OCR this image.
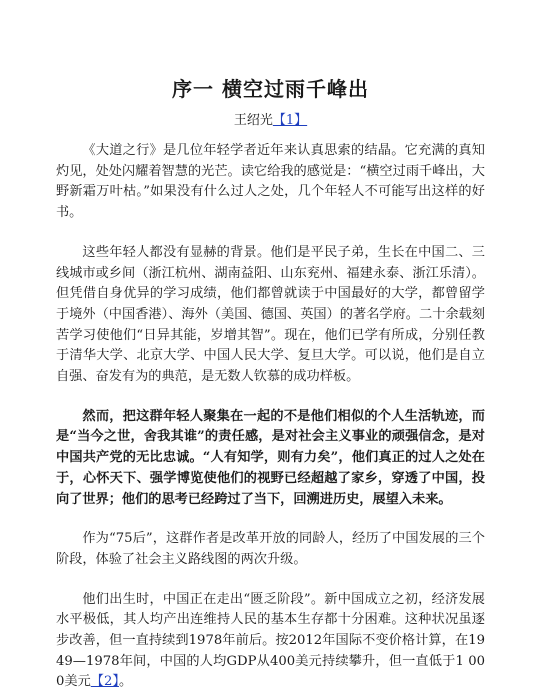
序一 横空过雨千峰出
王绍光【1】

《大道之行》是几位年轻学者近年来认真思索的结晶。它充满的真知灼见，处处闪耀着智慧的光芒。读它给我的感觉是：“横空过雨千峰出，大野新霜万叶枯。”如果没有什么过人之处，几个年轻人不可能写出这样的好书。

这些年轻人都没有显赫的背景。他们是平民子弟，生长在中国二、三线城市或乡间（浙江杭州、湖南益阳、山东兖州、福建永泰、浙江乐清）。但凭借自身优异的学习成绩，他们都曾就读于中国最好的大学，都曾留学于境外（中国香港）、海外（美国、德国、英国）的著名学府。二十余载刻苦学习使他们“日异其能，岁增其智”。现在，他们已学有所成，分别任教于清华大学、北京大学、中国人民大学、复旦大学。可以说，他们是自立自强、奋发有为的典范，是无数人钦慕的成功样板。

然而，把这群年轻人聚集在一起的不是他们相似的个人生活轨迹，而是“当今之世，舍我其谁”的责任感，是对社会主义事业的顽强信念，是对中国共产党的无比忠诚。“人有知学，则有力矣”，他们真正的过人之处在于，心怀天下、强学博览使他们的视野已经超越了家乡，穿透了中国，投向了世界；他们的思考已经跨过了当下，回溯进历史，展望入未来。

作为“75后”，这群作者是改革开放的同龄人，经历了中国发展的三个阶段，体验了社会主义路线图的两次升级。

他们出生时，中国正在走出“匮乏阶段”。新中国成立之初，经济发展水平极低，其人均产出连维持人民的基本生存都十分困难。这种状况虽逐步改善，但一直持续到1978年前后。按2012年国际不变价格计算，在1949—1978年间，中国的人均GDP从400美元持续攀升，但一直低于1 000美元【2】。
